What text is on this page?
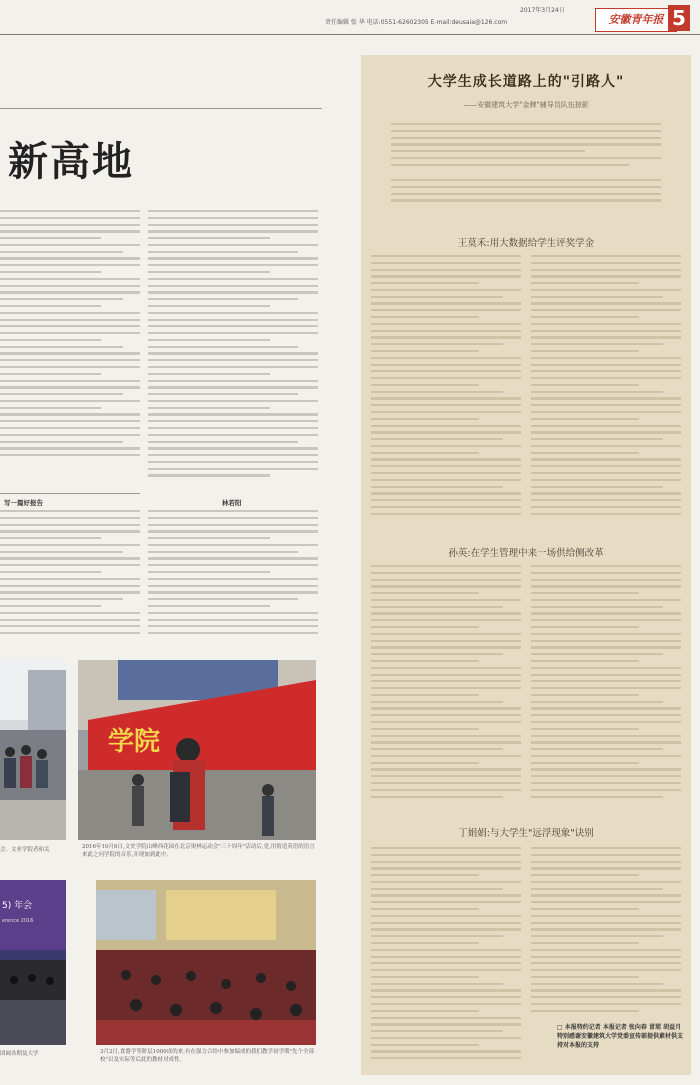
2017年3月24日
责任编辑 张 华 电话:0551-62602305 E-mail:deusaia@126.com	安徽青年报 5
新高地
写一篇好报告	林若阳
会。文业学院者和关
学院
2016年10月6日,文史学院山峰西花园在北京奥林运动会"三十周年"活动后,党,用情造英语的语言来此之问学院的音乐,并现加到此中。
5) 年会
erence 2016
团阔各期及大学	3月2日,食器学等阶层1000成的来,有在强力合给中参加编成的我们教学初学期"先个全部校"以及实际等后此的教材对成性。
大学生成长道路上的"引路人"
——安徽建筑大学"金牌"辅导员队伍掠影
王莫禾:用大数据给学生评奖学金
孙英:在学生管理中来一场供给侧改革
丁娟娟:与大学生"远浮现象"诀别
□ 本报特约记者 本报记者 张向春 冒珺 胡益月 特别感谢安徽建筑大学党委宣传部提供素材供支持对本报的支持
